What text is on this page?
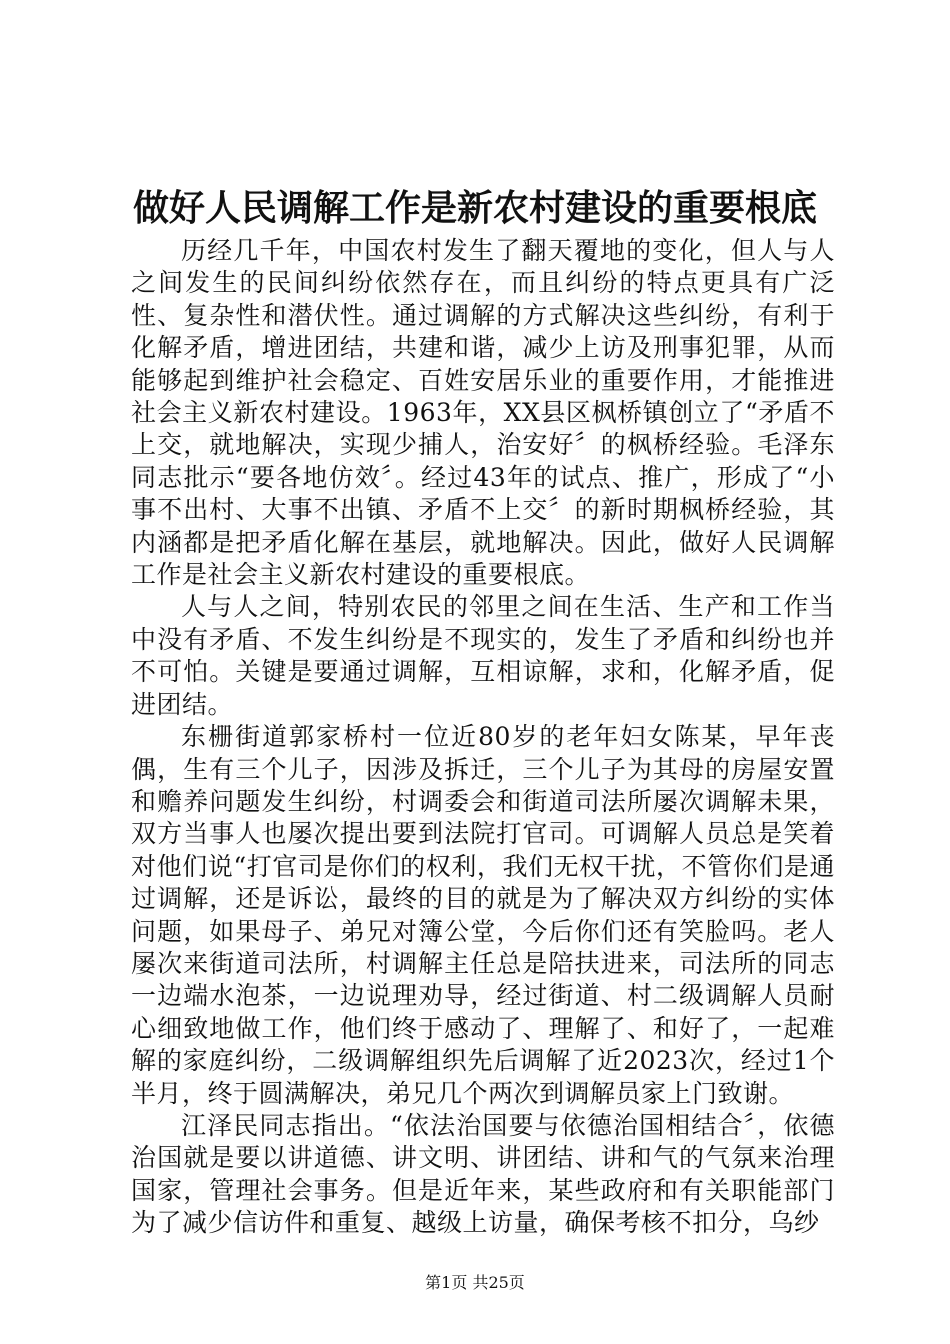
做好人民调解工作是新农村建设的重要根底

历经几千年，中国农村发生了翻天覆地的变化，但人与人之间发生的民间纠纷依然存在，而且纠纷的特点更具有广泛性、复杂性和潜伏性。通过调解的方式解决这些纠纷，有利于化解矛盾，增进团结，共建和谐，减少上访及刑事犯罪，从而能够起到维护社会稳定、百姓安居乐业的重要作用，才能推进社会主义新农村建设。1963年，XX县区枫桥镇创立了“矛盾不上交，就地解决，实现少捕人，治安好〞的枫桥经验。毛泽东同志批示“要各地仿效〞。经过43年的试点、推广，形成了“小事不出村、大事不出镇、矛盾不上交〞的新时期枫桥经验，其内涵都是把矛盾化解在基层，就地解决。因此，做好人民调解工作是社会主义新农村建设的重要根底。

人与人之间，特别农民的邻里之间在生活、生产和工作当中没有矛盾、不发生纠纷是不现实的，发生了矛盾和纠纷也并不可怕。关键是要通过调解，互相谅解，求和，化解矛盾，促进团结。

东栅街道郭家桥村一位近80岁的老年妇女陈某，早年丧偶，生有三个儿子，因涉及拆迁，三个儿子为其母的房屋安置和赡养问题发生纠纷，村调委会和街道司法所屡次调解未果，双方当事人也屡次提出要到法院打官司。可调解人员总是笑着对他们说“打官司是你们的权利，我们无权干扰，不管你们是通过调解，还是诉讼，最终的目的就是为了解决双方纠纷的实体问题，如果母子、弟兄对簿公堂，今后你们还有笑脸吗。老人屡次来街道司法所，村调解主任总是陪扶进来，司法所的同志一边端水泡茶，一边说理劝导，经过街道、村二级调解人员耐心细致地做工作，他们终于感动了、理解了、和好了，一起难解的家庭纠纷，二级调解组织先后调解了近2023次，经过1个半月，终于圆满解决，弟兄几个两次到调解员家上门致谢。

江泽民同志指出。“依法治国要与依德治国相结合〞，依德治国就是要以讲道德、讲文明、讲团结、讲和气的气氛来治理国家，管理社会事务。但是近年来，某些政府和有关职能部门为了减少信访件和重复、越级上访量，确保考核不扣分，乌纱

第1页 共25页
